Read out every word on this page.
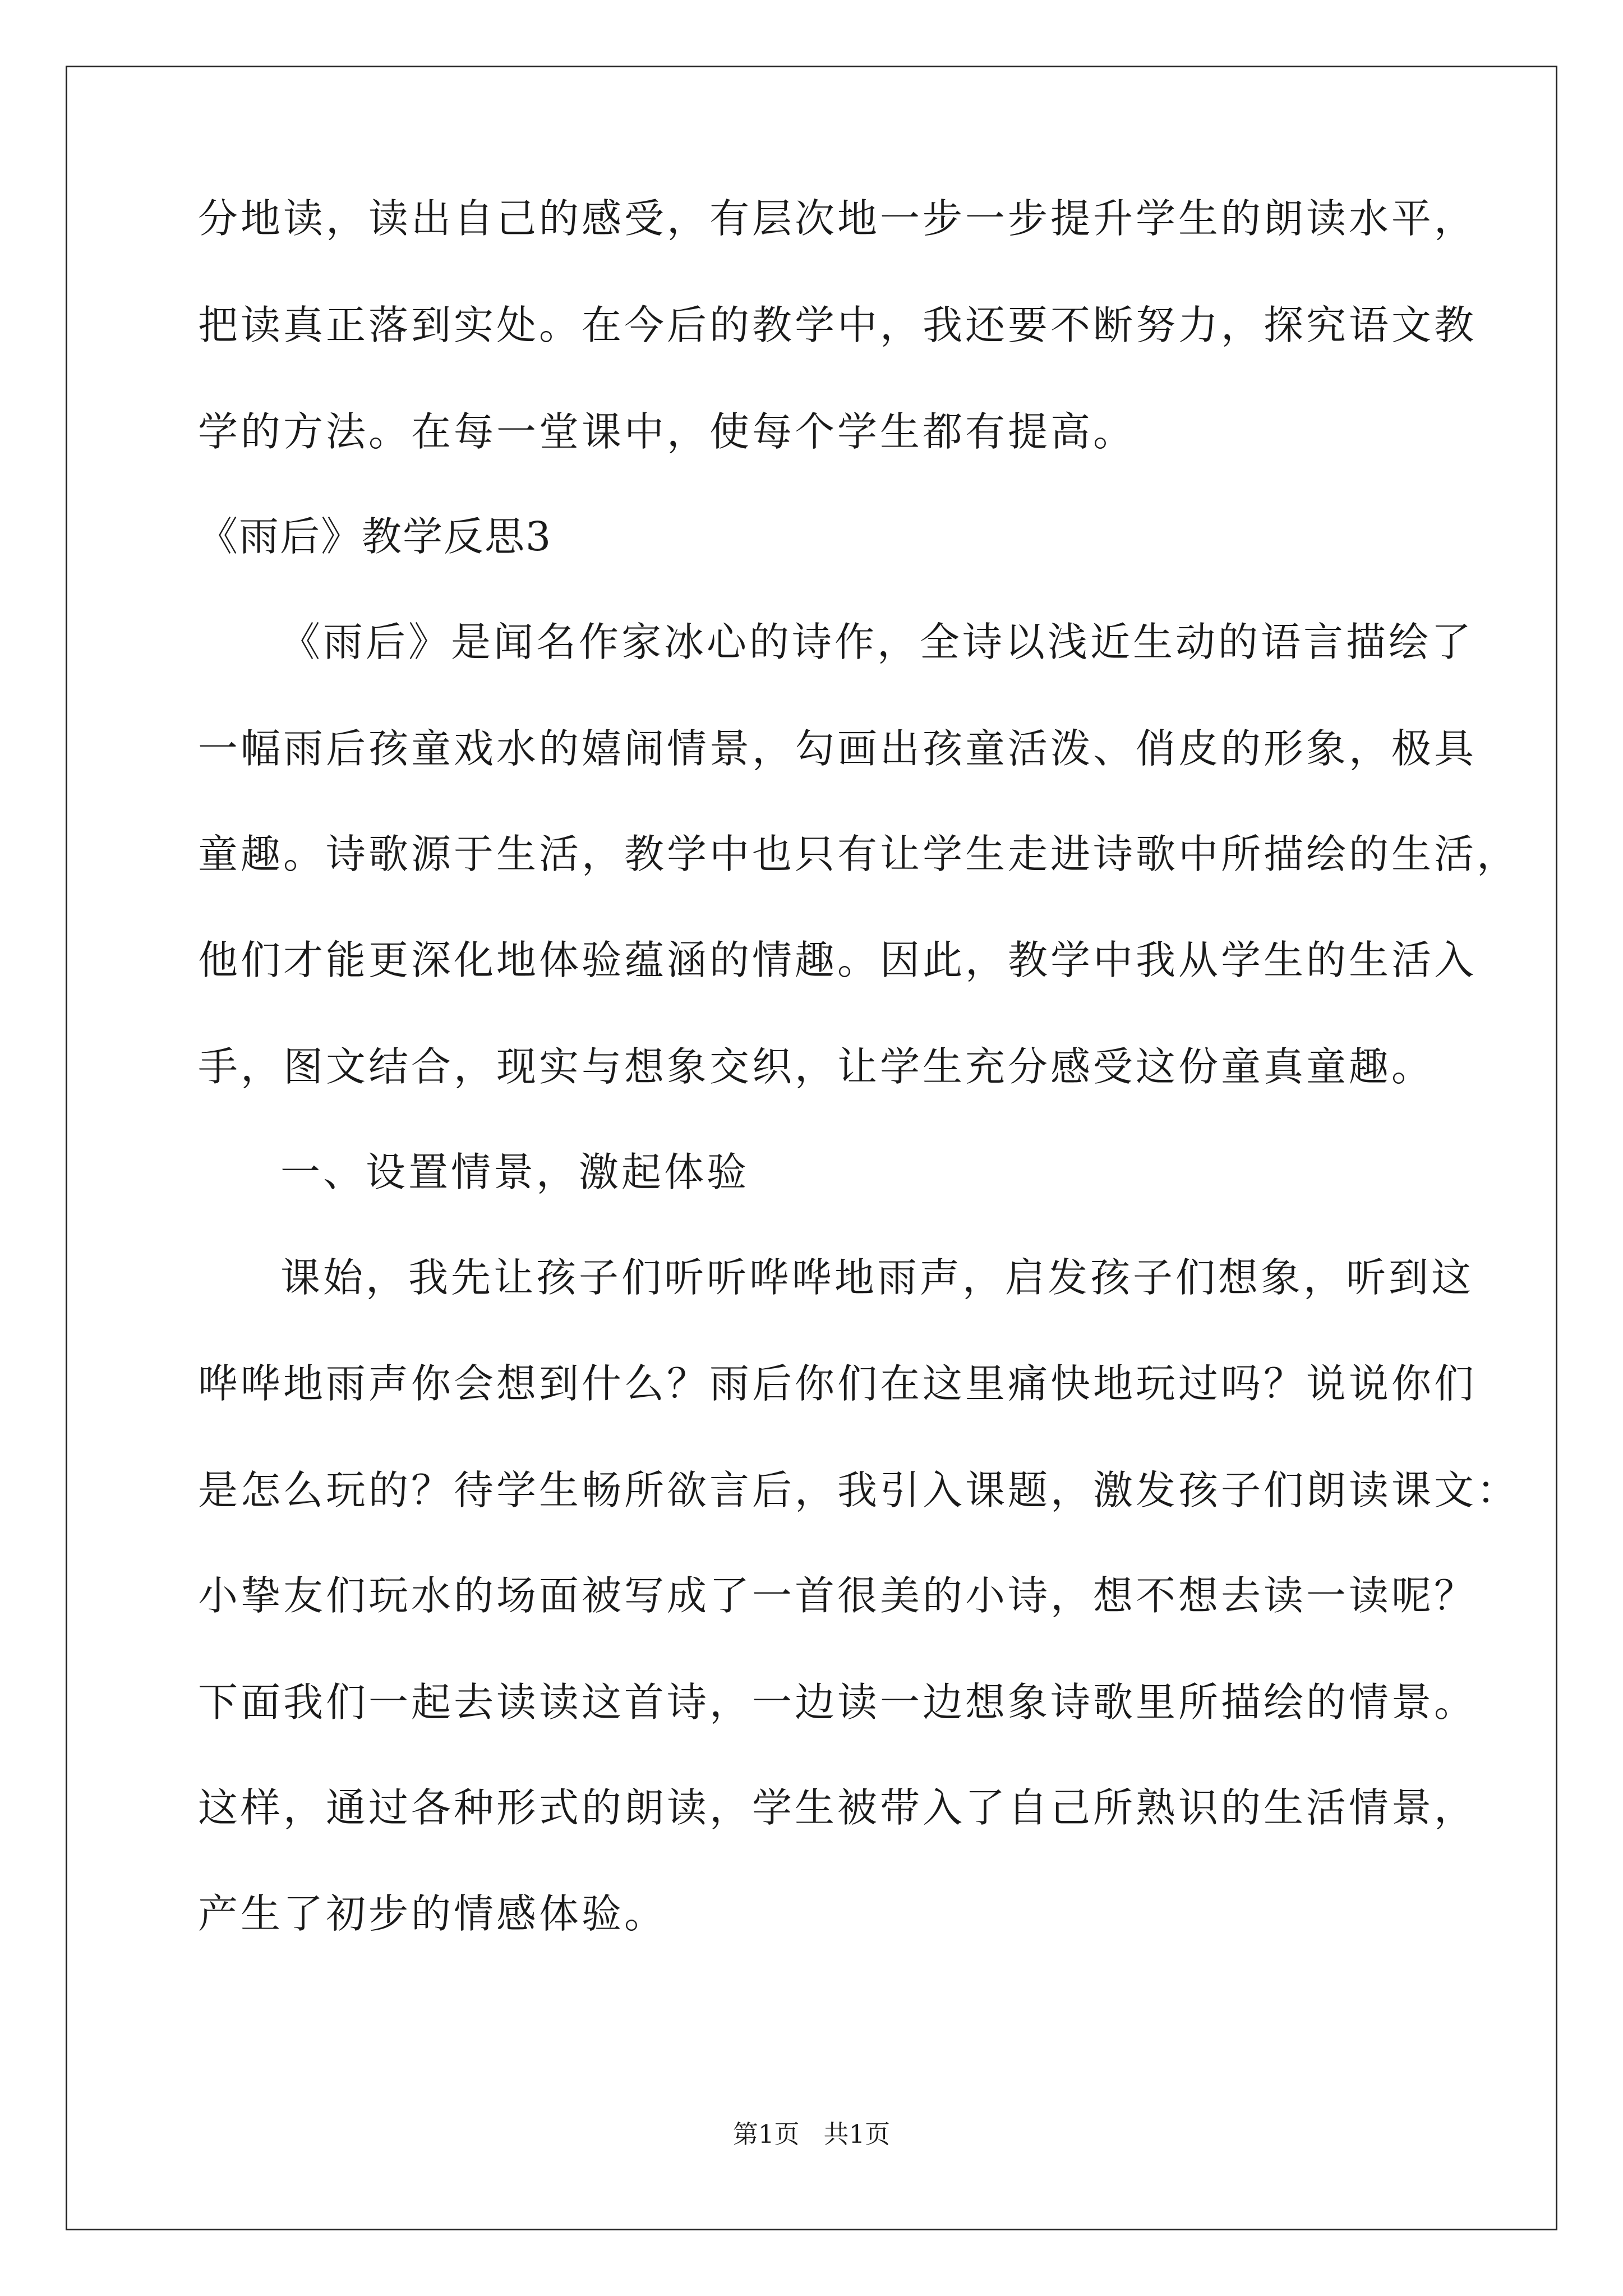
分地读，读出自己的感受，有层次地一步一步提升学生的朗读水平，
把读真正落到实处。在今后的教学中，我还要不断努力，探究语文教
学的方法。在每一堂课中，使每个学生都有提高。
《雨后》教学反思3
《雨后》是闻名作家冰心的诗作，全诗以浅近生动的语言描绘了
一幅雨后孩童戏水的嬉闹情景，勾画出孩童活泼、俏皮的形象，极具
童趣。诗歌源于生活，教学中也只有让学生走进诗歌中所描绘的生活，
他们才能更深化地体验蕴涵的情趣。因此，教学中我从学生的生活入
手，图文结合，现实与想象交织，让学生充分感受这份童真童趣。
一、设置情景，激起体验
课始，我先让孩子们听听哗哗地雨声，启发孩子们想象，听到这
哗哗地雨声你会想到什么？雨后你们在这里痛快地玩过吗？说说你们
是怎么玩的？待学生畅所欲言后，我引入课题，激发孩子们朗读课文：
小挚友们玩水的场面被写成了一首很美的小诗，想不想去读一读呢？
下面我们一起去读读这首诗，一边读一边想象诗歌里所描绘的情景。
这样，通过各种形式的朗读，学生被带入了自己所熟识的生活情景，
产生了初步的情感体验。
第1页   共1页
